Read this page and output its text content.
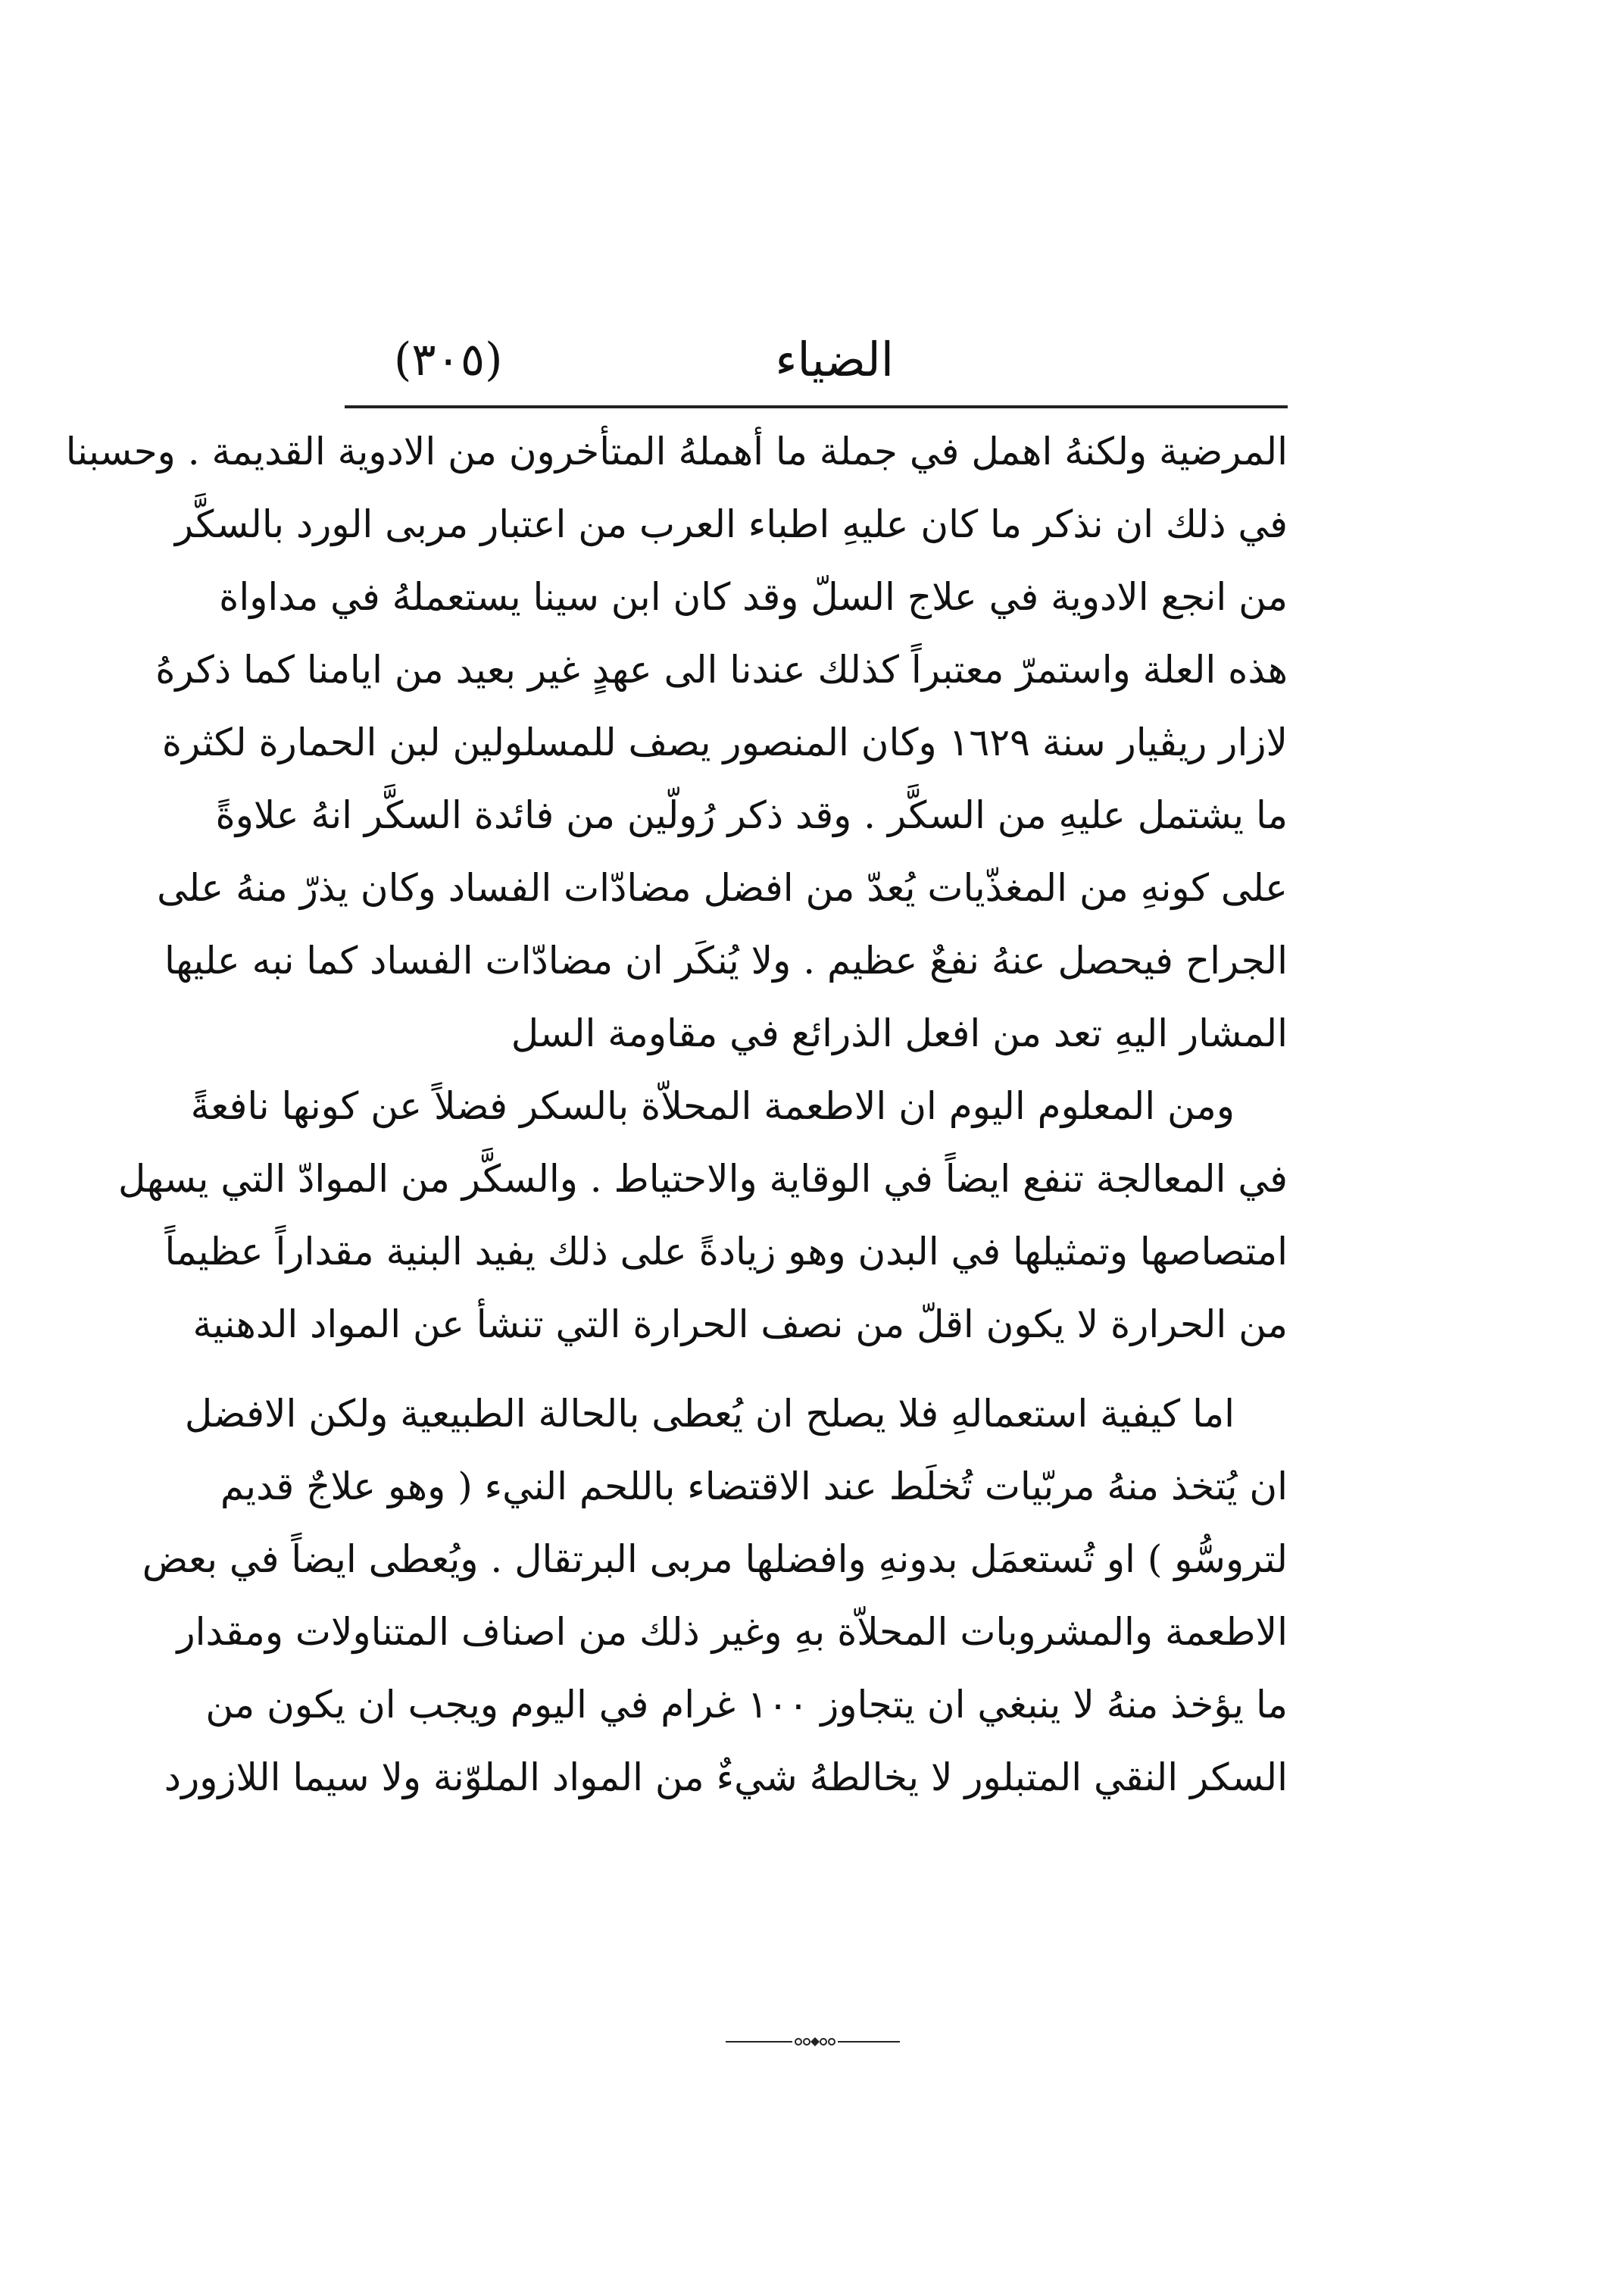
الضياء
(٣٠٥)
المرضية ولكنهُ اهمل في جملة ما أهملهُ المتأخرون من الادوية القديمة . وحسبنا
في ذلك ان نذكر ما كان عليهِ اطباء العرب من اعتبار مربى الورد بالسكَّر
من انجع الادوية في علاج السلّ وقد كان ابن سينا يستعملهُ في مداواة
هذه العلة واستمرّ معتبراً كذلك عندنا الى عهدٍ غير بعيد من ايامنا كما ذكرهُ
لازار ريڤيار سنة ١٦٢٩ وكان المنصور يصف للمسلولين لبن الحمارة لكثرة
ما يشتمل عليهِ من السكَّر . وقد ذكر رُولّين من فائدة السكَّر انهُ علاوةً
على كونهِ من المغذّيات يُعدّ من افضل مضادّات الفساد وكان يذرّ منهُ على
الجراح فيحصل عنهُ نفعٌ عظيم . ولا يُنكَر ان مضادّات الفساد كما نبه عليها
المشار اليهِ تعد من افعل الذرائع في مقاومة السل
ومن المعلوم اليوم ان الاطعمة المحلاّة بالسكر فضلاً عن كونها نافعةً
في المعالجة تنفع ايضاً في الوقاية والاحتياط . والسكَّر من الموادّ التي يسهل
امتصاصها وتمثيلها في البدن وهو زيادةً على ذلك يفيد البنية مقداراً عظيماً
من الحرارة لا يكون اقلّ من نصف الحرارة التي تنشأ عن المواد الدهنية
اما كيفية استعمالهِ فلا يصلح ان يُعطى بالحالة الطبيعية ولكن الافضل
ان يُتخذ منهُ مربّيات تُخلَط عند الاقتضاء باللحم النيء ( وهو علاجٌ قديم
لتروسُّو ) او تُستعمَل بدونهِ وافضلها مربى البرتقال . ويُعطى ايضاً في بعض
الاطعمة والمشروبات المحلاّة بهِ وغير ذلك من اصناف المتناولات ومقدار
ما يؤخذ منهُ لا ينبغي ان يتجاوز ١٠٠ غرام في اليوم ويجب ان يكون من
السكر النقي المتبلور لا يخالطهُ شيءٌ من المواد الملوّنة ولا سيما اللازورد
